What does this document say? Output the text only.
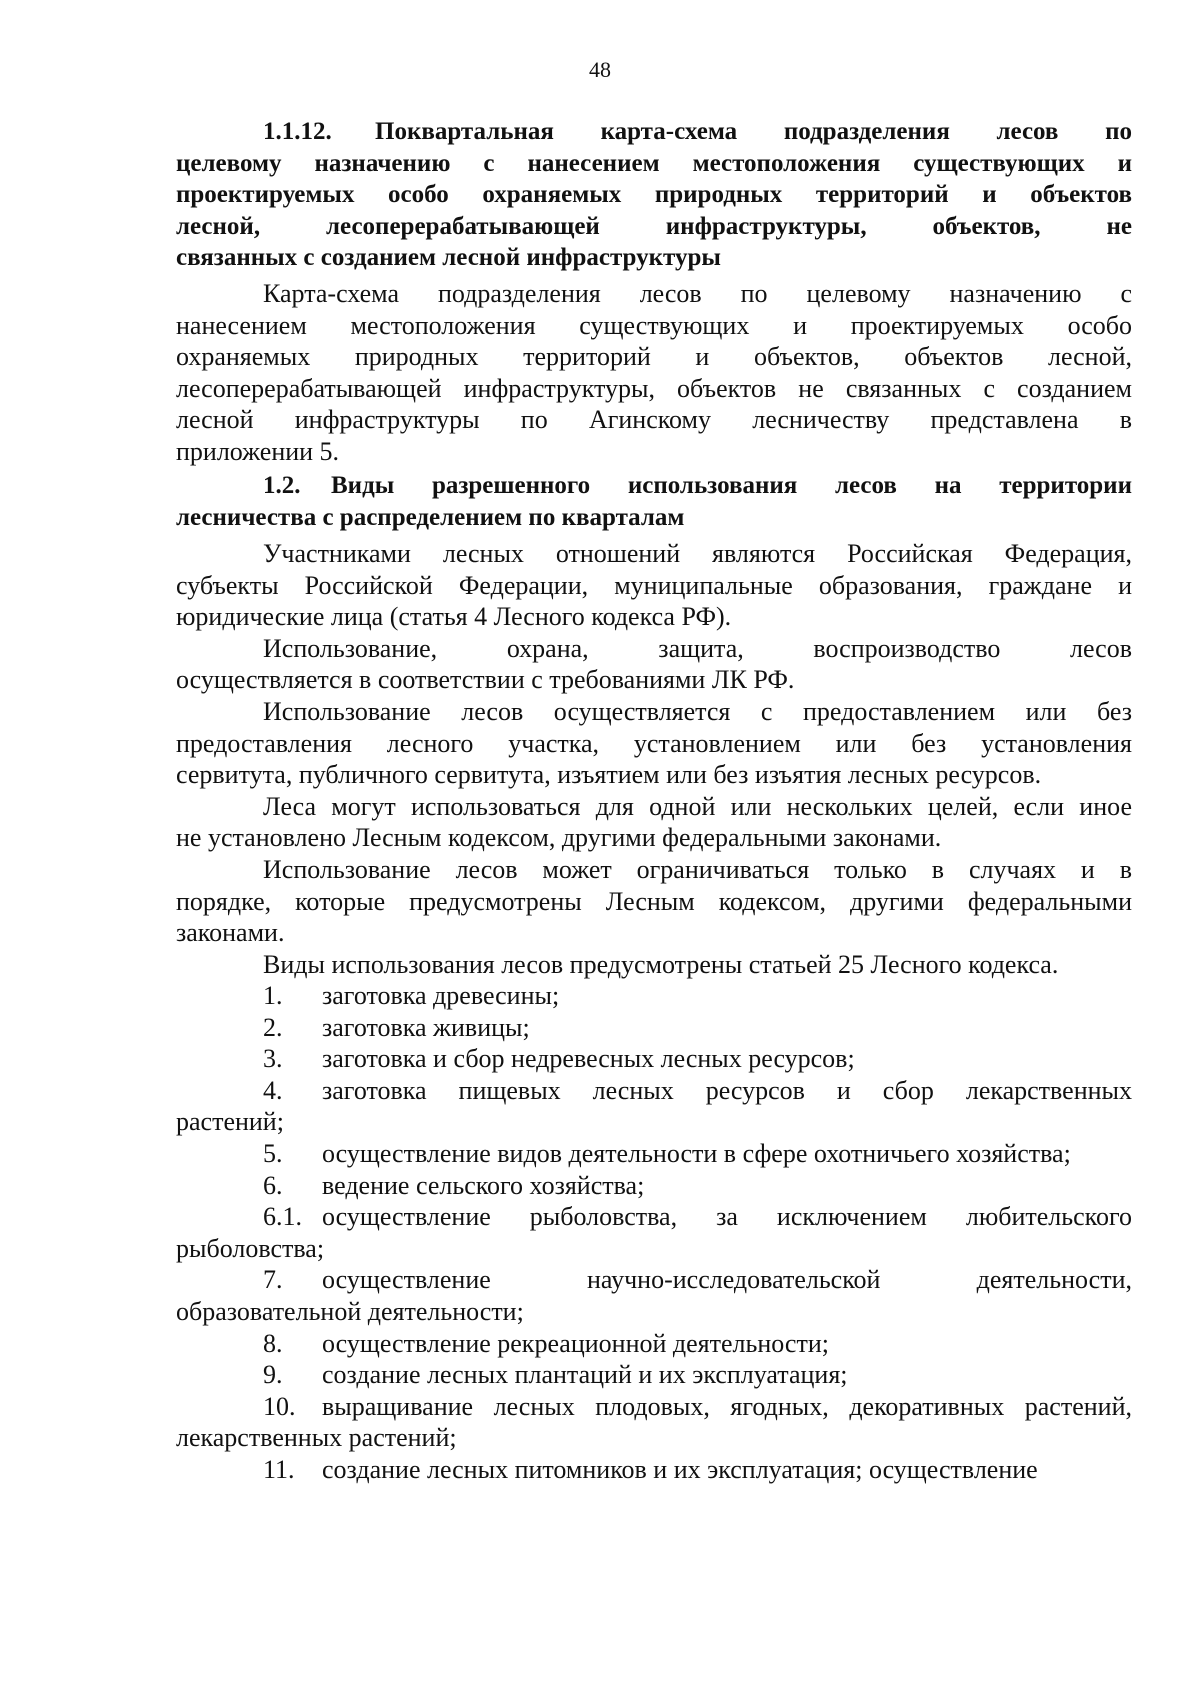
48
1.1.12. Поквартальная карта-схема подразделения лесов по
целевому назначению с нанесением местоположения существующих и
проектируемых особо охраняемых природных территорий и объектов
лесной, лесоперерабатывающей инфраструктуры, объектов, не
связанных с созданием лесной инфраструктуры
Карта-схема подразделения лесов по целевому назначению с
нанесением местоположения существующих и проектируемых особо
охраняемых природных территорий и объектов, объектов лесной,
лесоперерабатывающей инфраструктуры, объектов не связанных с созданием
лесной инфраструктуры по Агинскому лесничеству представлена в
приложении 5.
1.2. Виды разрешенного использования лесов на территории
лесничества с распределением по кварталам
Участниками лесных отношений являются Российская Федерация,
субъекты Российской Федерации, муниципальные образования, граждане и
юридические лица (статья 4 Лесного кодекса РФ).
Использование, охрана, защита, воспроизводство лесов
осуществляется в соответствии с требованиями ЛК РФ.
Использование лесов осуществляется с предоставлением или без
предоставления лесного участка, установлением или без установления
сервитута, публичного сервитута, изъятием или без изъятия лесных ресурсов.
Леса могут использоваться для одной или нескольких целей, если иное
не установлено Лесным кодексом, другими федеральными законами.
Использование лесов может ограничиваться только в случаях и в
порядке, которые предусмотрены Лесным кодексом, другими федеральными
законами.
Виды использования лесов предусмотрены статьей 25 Лесного кодекса.
1. заготовка древесины;
2. заготовка живицы;
3. заготовка и сбор недревесных лесных ресурсов;
4. заготовка пищевых лесных ресурсов и сбор лекарственных
растений;
5. осуществление видов деятельности в сфере охотничьего хозяйства;
6. ведение сельского хозяйства;
6.1. осуществление рыболовства, за исключением любительского
рыболовства;
7. осуществление научно-исследовательской деятельности,
образовательной деятельности;
8. осуществление рекреационной деятельности;
9. создание лесных плантаций и их эксплуатация;
10. выращивание лесных плодовых, ягодных, декоративных растений,
лекарственных растений;
11. создание лесных питомников и их эксплуатация; осуществление
